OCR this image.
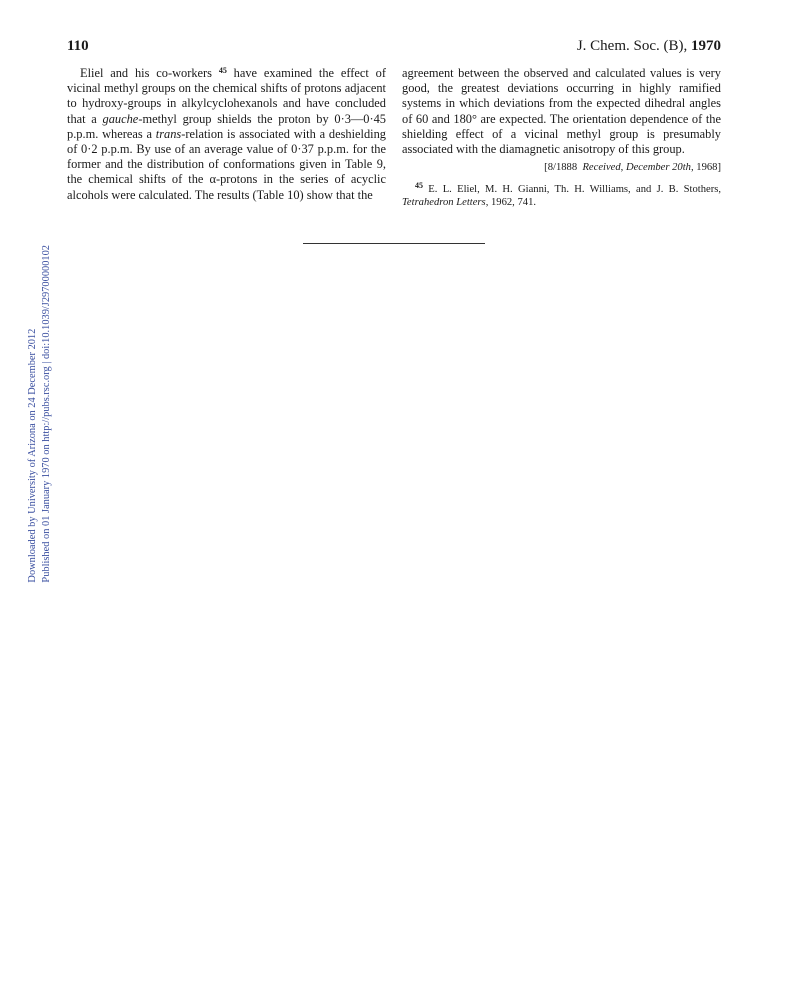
110	J. Chem. Soc. (B), 1970

Eliel and his co-workers $^{45}$ have examined the effect of vicinal methyl groups on the chemical shifts of protons adjacent to hydroxy-groups in alkylcyclohexanols and have concluded that a gauche-methyl group shields the proton by 0·3—0·45 p.p.m. whereas a trans-relation is associated with a deshielding of 0·2 p.p.m. By use of an average value of 0·37 p.p.m. for the former and the distribution of conformations given in Table 9, the chemical shifts of the α-protons in the series of acyclic alcohols were calculated. The results (Table 10) show that the

agreement between the observed and calculated values is very good, the greatest deviations occurring in highly ramified systems in which deviations from the expected dihedral angles of 60 and 180° are expected. The orientation dependence of the shielding effect of a vicinal methyl group is presumably associated with the diamagnetic anisotropy of this group.

[8/1888 Received, December 20th, 1968]

$^{45}$ E. L. Eliel, M. H. Gianni, Th. H. Williams, and J. B. Stothers, Tetrahedron Letters, 1962, 741.

Downloaded by University of Arizona on 24 December 2012 Published on 01 January 1970 on http://pubs.rsc.org | doi:10.1039/J29700000102
